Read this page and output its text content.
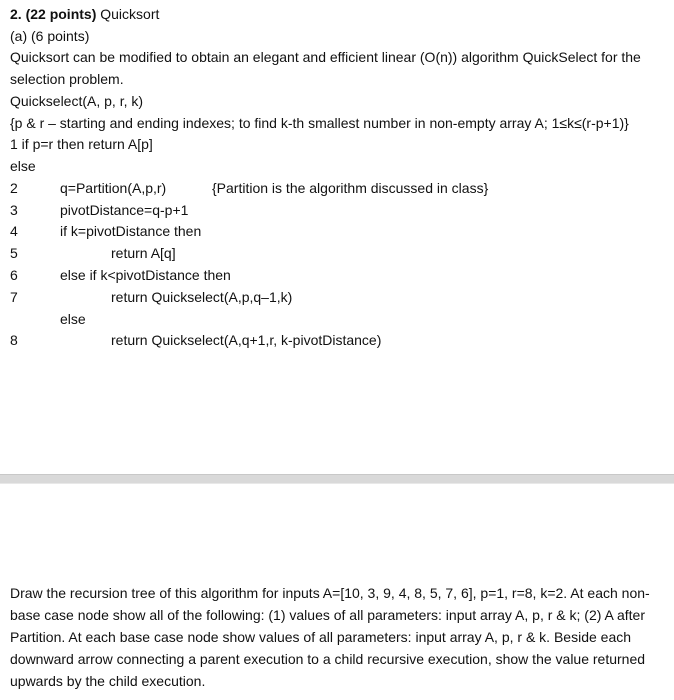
2. (22 points) Quicksort
(a) (6 points)
Quicksort can be modified to obtain an elegant and efficient linear (O(n)) algorithm QuickSelect for the
selection problem.
Quickselect(A, p, r, k)
{p & r – starting and ending indexes; to find k-th smallest number in non-empty array A; 1≤k≤(r-p+1)}
1 if p=r then return A[p]
else
2	q=Partition(A,p,r)	{Partition is the algorithm discussed in class}
3	pivotDistance=q-p+1
4	if k=pivotDistance then
5	return A[q]
6	else if k<pivotDistance then
7	return Quickselect(A,p,q–1,k)
else
8	return Quickselect(A,q+1,r, k-pivotDistance)

Draw the recursion tree of this algorithm for inputs A=[10, 3, 9, 4, 8, 5, 7, 6], p=1, r=8, k=2. At each non-base case node show all of the following: (1) values of all parameters: input array A, p, r & k; (2) A after Partition. At each base case node show values of all parameters: input array A, p, r & k. Beside each downward arrow connecting a parent execution to a child recursive execution, show the value returned upwards by the child execution.
